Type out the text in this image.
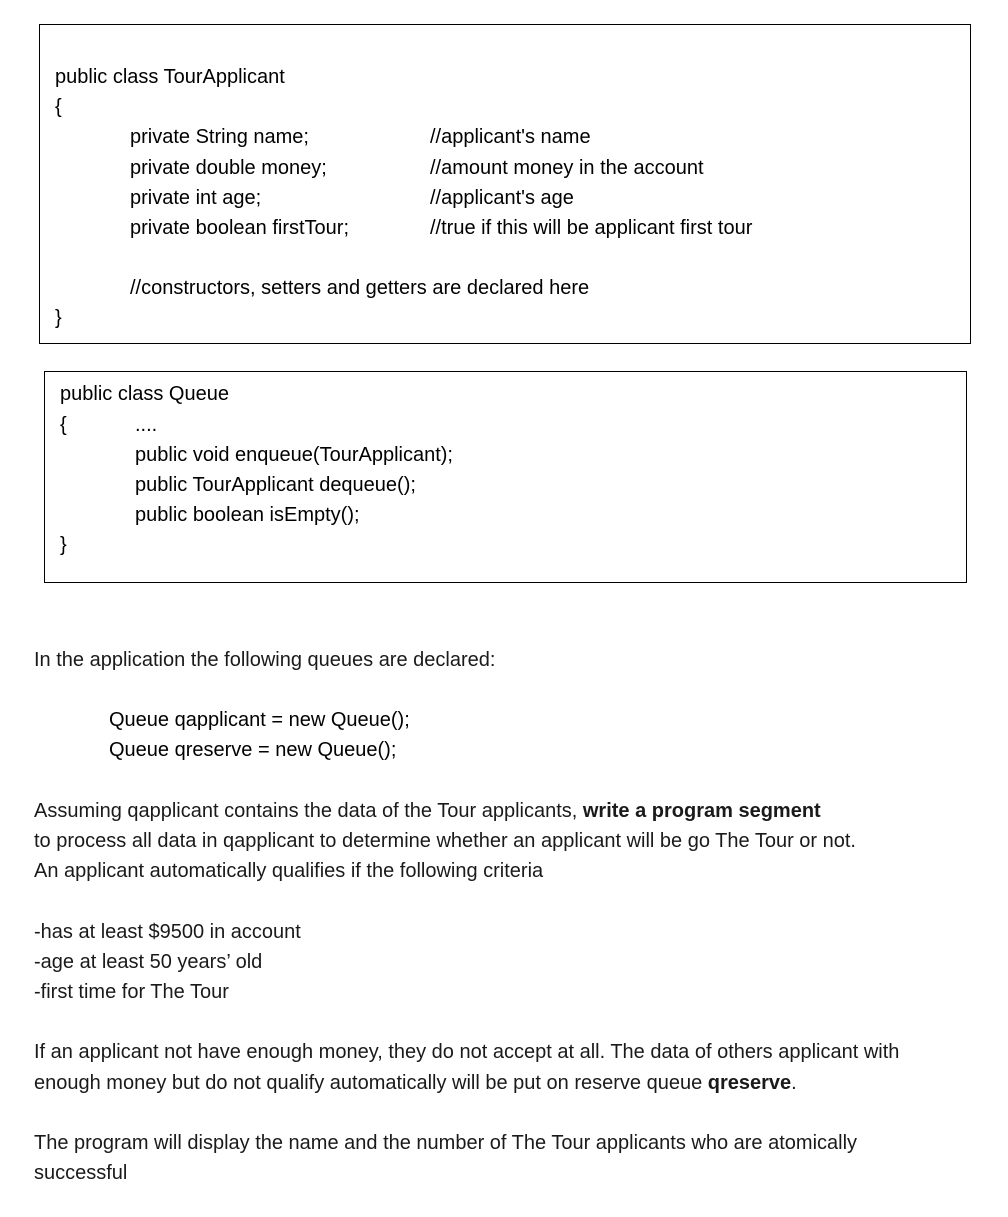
public class TourApplicant
{
private String name;	//applicant's name
private double money;	//amount money in the account
private int age;	//applicant's age
private boolean firstTour;	//true if this will be applicant first tour
//constructors, setters and getters are declared here
}
public class Queue
{	....
public void enqueue(TourApplicant);
public TourApplicant dequeue();
public boolean isEmpty();
}
In the application the following queues are declared:
Queue qapplicant = new Queue();
Queue qreserve = new Queue();
Assuming qapplicant contains the data of the Tour applicants, write a program segment
to process all data in qapplicant to determine whether an applicant will be go The Tour or not.
An applicant automatically qualifies if the following criteria
-has at least $9500 in account
-age at least 50 years’ old
-first time for The Tour
If an applicant not have enough money, they do not accept at all. The data of others applicant with
enough money but do not qualify automatically will be put on reserve queue qreserve.
The program will display the name and the number of The Tour applicants who are atomically
successful
